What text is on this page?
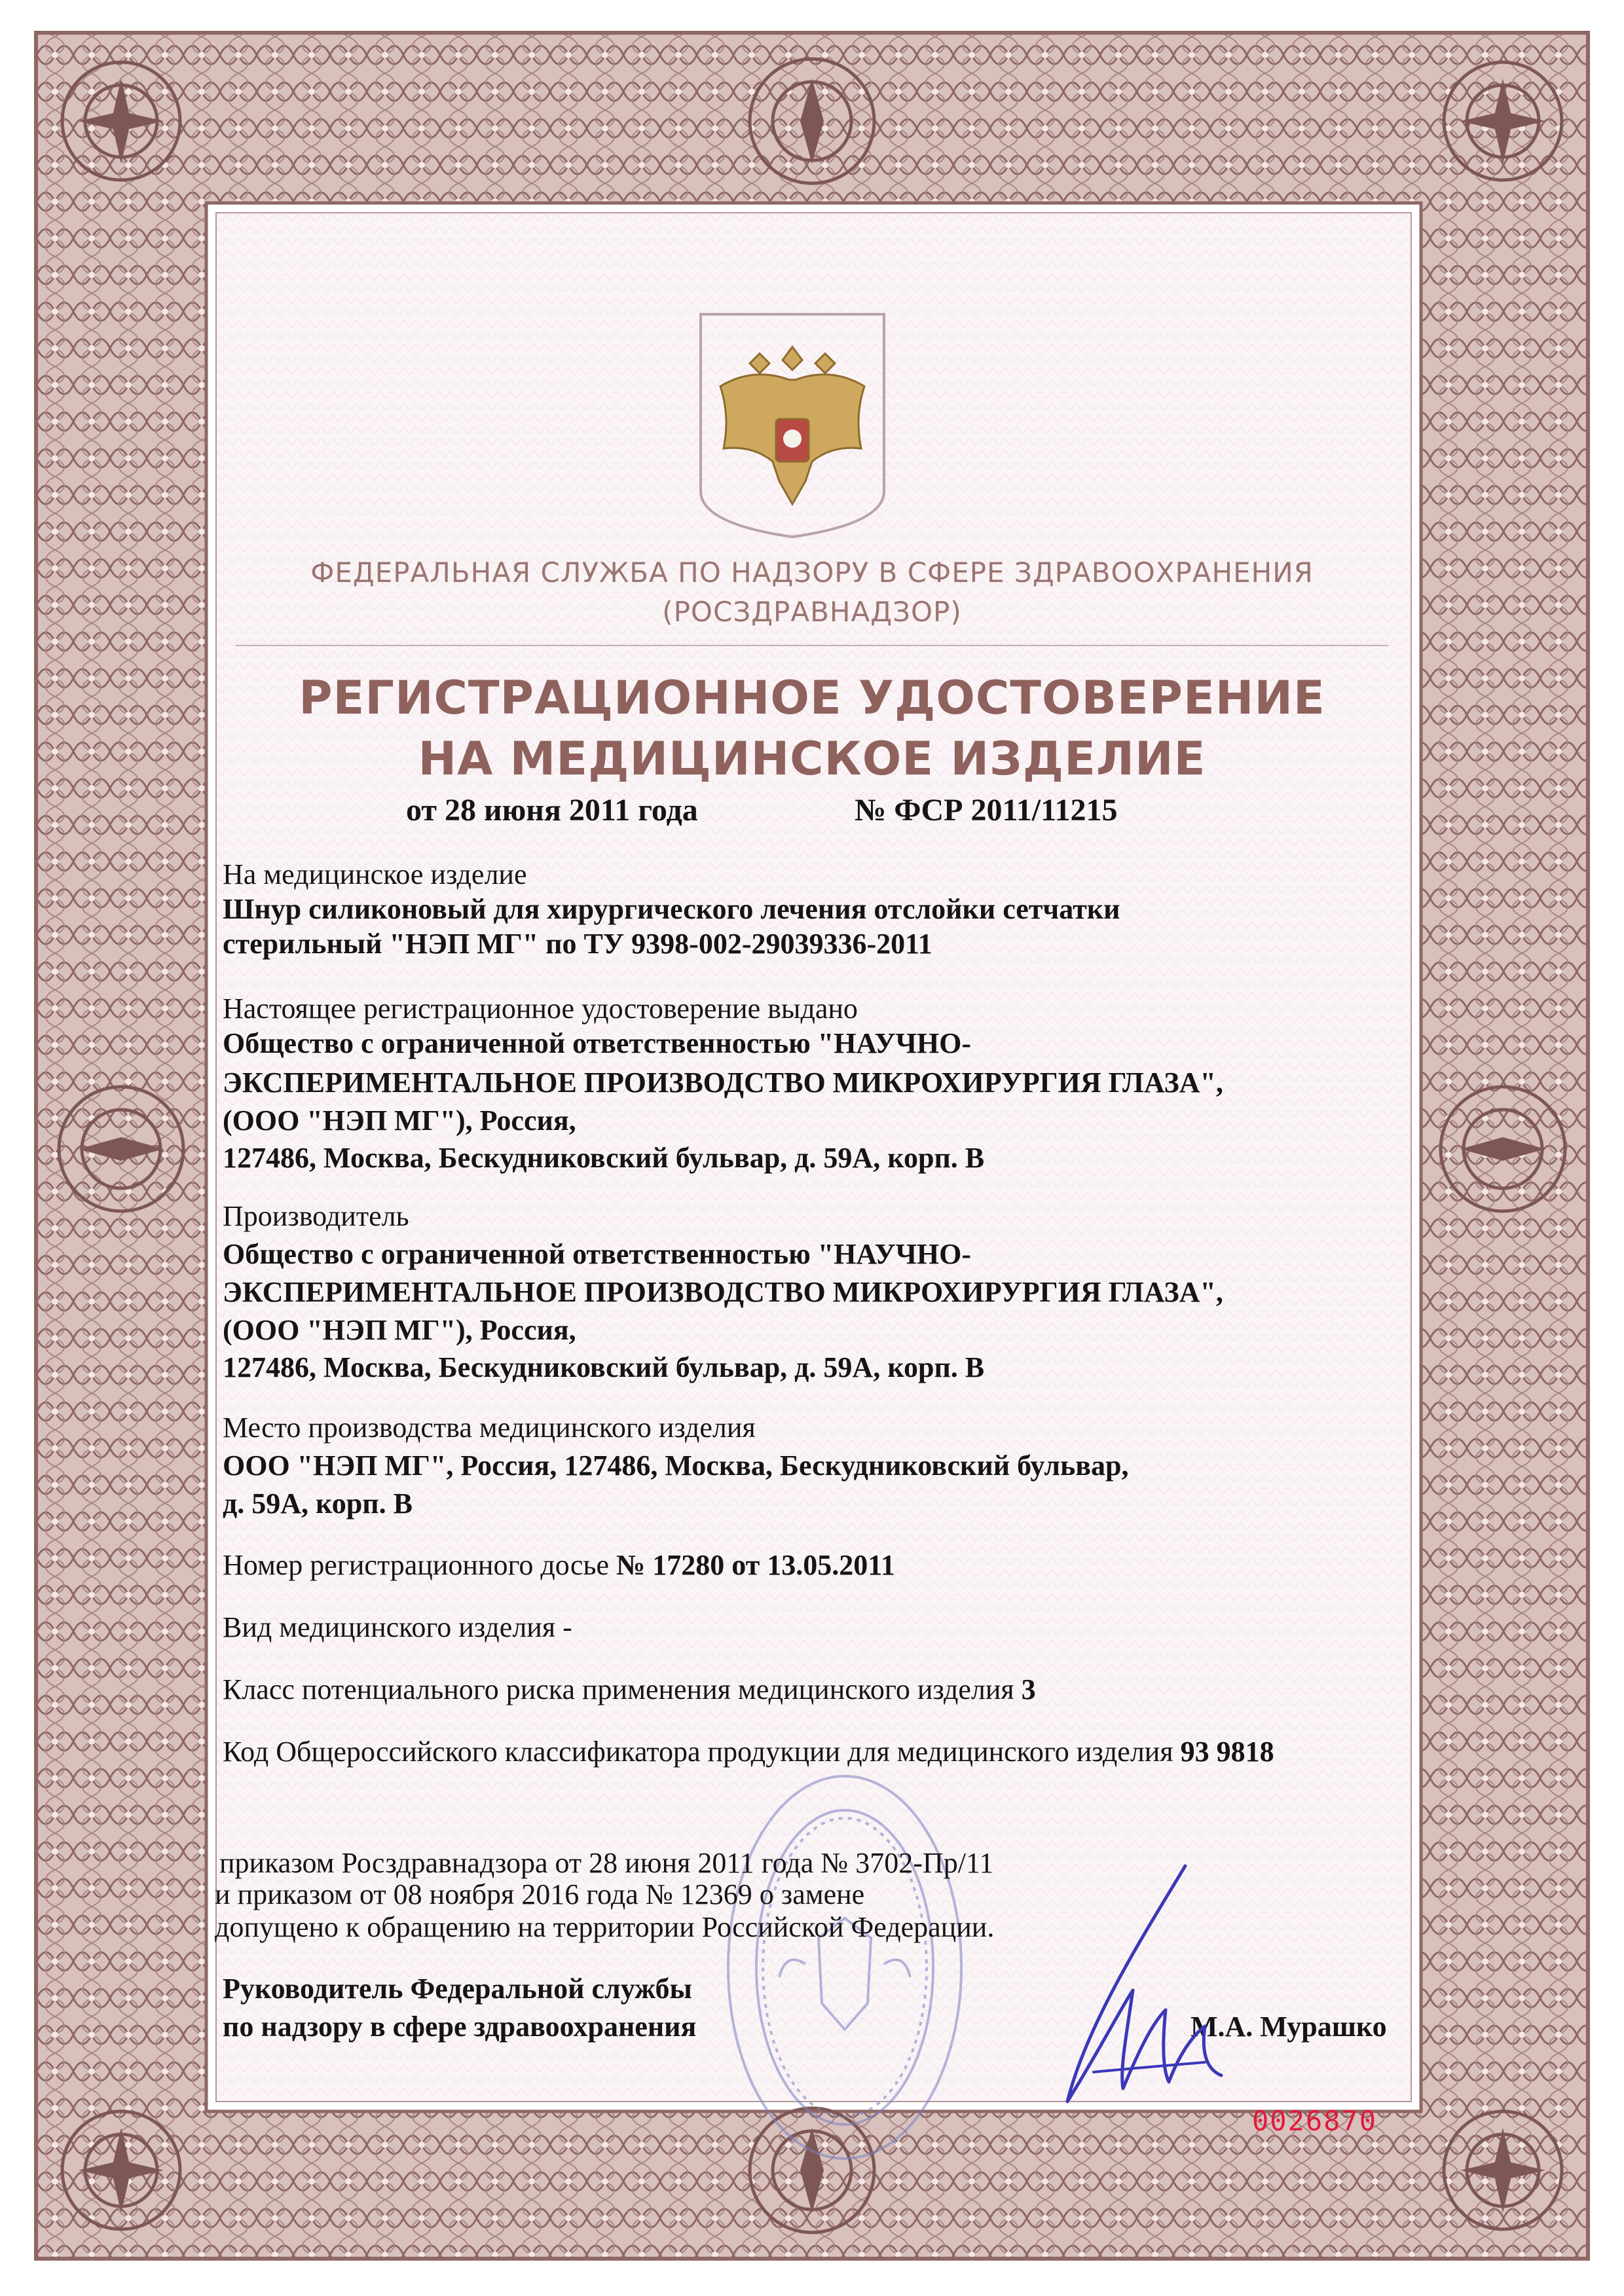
ФЕДЕРАЛЬНАЯ СЛУЖБА ПО НАДЗОРУ В СФЕРЕ ЗДРАВООХРАНЕНИЯ

(РОСЗДРАВНАДЗОР)

РЕГИСТРАЦИОННОЕ УДОСТОВЕРЕНИЕ
НА МЕДИЦИНСКОЕ ИЗДЕЛИЕ

от 28 июня 2011 года	№ ФСР 2011/11215

На медицинское изделие

Шнур силиконовый для хирургического лечения отслойки сетчатки

стерильный "НЭП МГ" по ТУ 9398-002-29039336-2011

Настоящее регистрационное удостоверение выдано

Общество с ограниченной ответственностью "НАУЧНО-

ЭКСПЕРИМЕНТАЛЬНОЕ ПРОИЗВОДСТВО МИКРОХИРУРГИЯ ГЛАЗА",

(ООО "НЭП МГ"), Россия,

127486, Москва, Бескудниковский бульвар, д. 59А, корп. В

Производитель

Общество с ограниченной ответственностью "НАУЧНО-

ЭКСПЕРИМЕНТАЛЬНОЕ ПРОИЗВОДСТВО МИКРОХИРУРГИЯ ГЛАЗА",

(ООО "НЭП МГ"), Россия,

127486, Москва, Бескудниковский бульвар, д. 59А, корп. В

Место производства медицинского изделия

ООО "НЭП МГ", Россия, 127486, Москва, Бескудниковский бульвар,

д. 59А, корп. В

Номер регистрационного досье № 17280 от 13.05.2011

Вид медицинского изделия -

Класс потенциального риска применения медицинского изделия 3

Код Общероссийского классификатора продукции для медицинского изделия 93 9818

приказом Росздравнадзора от 28 июня 2011 года № 3702-Пр/11

и приказом от 08 ноября 2016 года № 12369 о замене

допущено к обращению на территории Российской Федерации.

Руководитель Федеральной службы

по надзору в сфере здравоохранения	М.А. Мурашко

0026870
